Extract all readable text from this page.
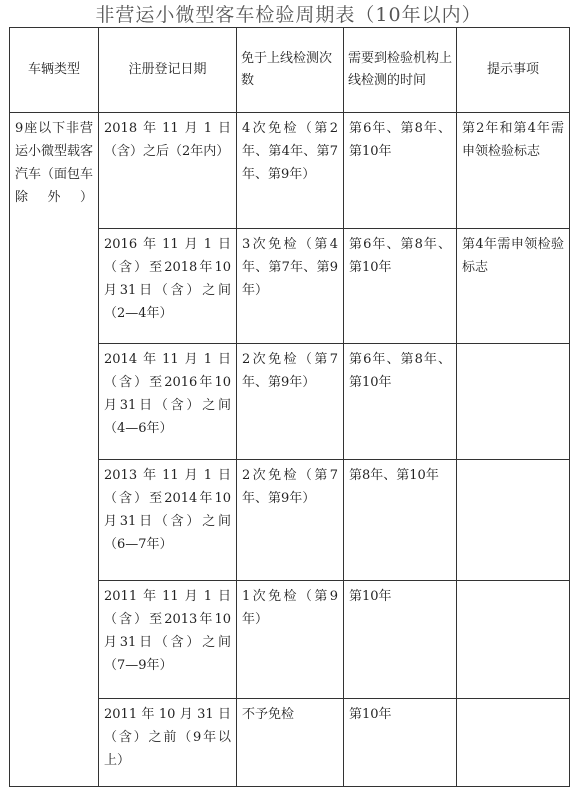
非营运小微型客车检验周期表（10年以内）
车辆类型	注册登记日期	免于上线检测次数	需要到检验机构上线检测的时间	提示事项
9座以下非营运小微型载客汽车（面包车除外）	2018年11月1日（含）之后（2年内）	4次免检（第2年、第4年、第7年、第9年）	第6年、第8年、第10年	第2年和第4年需申领检验标志
	2016年11月1日（含）至2018年10月31日（含）之间（2—4年）	3次免检（第4年、第7年、第9年）	第6年、第8年、第10年	第4年需申领检验标志
	2014年11月1日（含）至2016年10月31日（含）之间（4—6年）	2次免检（第7年、第9年）	第6年、第8年、第10年	
	2013年11月1日（含）至2014年10月31日（含）之间（6—7年）	2次免检（第7年、第9年）	第8年、第10年	
	2011年11月1日（含）至2013年10月31日（含）之间（7—9年）	1次免检（第9年）	第10年	
	2011年10月31日（含）之前（9年以上）	不予免检	第10年	
